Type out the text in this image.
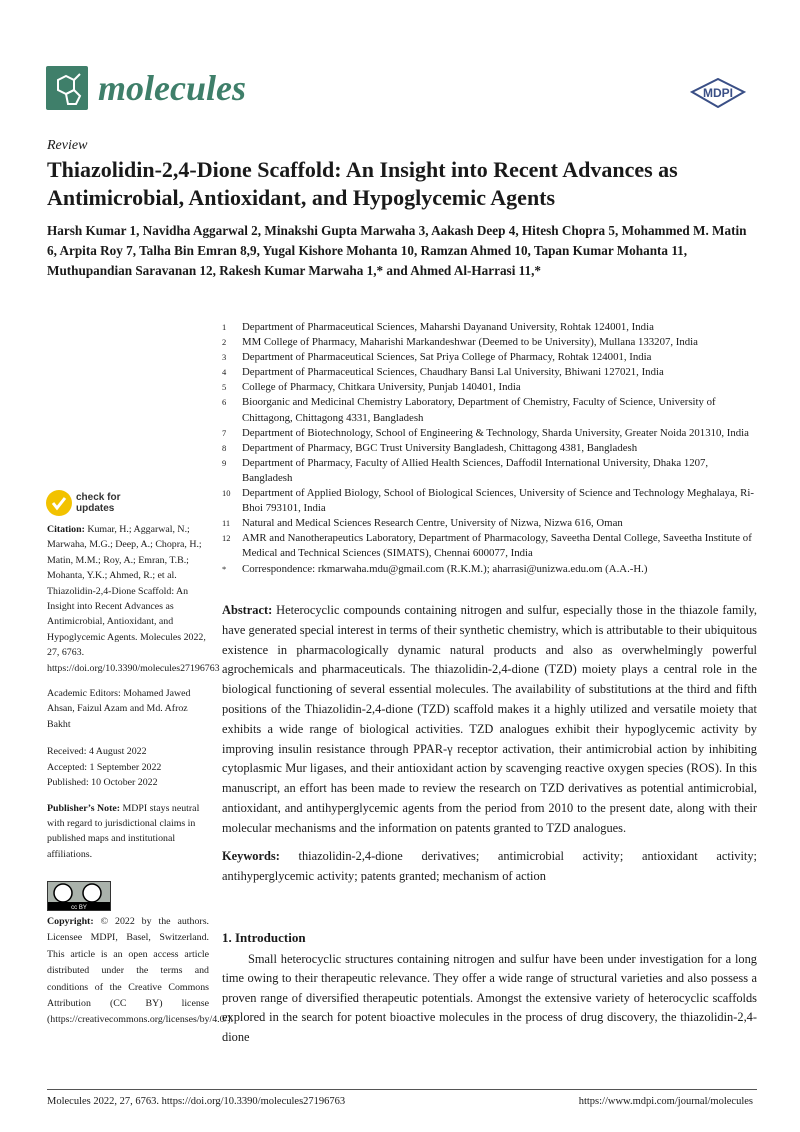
molecules	MDPI
Review
Thiazolidin-2,4-Dione Scaffold: An Insight into Recent Advances as Antimicrobial, Antioxidant, and Hypoglycemic Agents
Harsh Kumar 1, Navidha Aggarwal 2, Minakshi Gupta Marwaha 3, Aakash Deep 4, Hitesh Chopra 5, Mohammed M. Matin 6, Arpita Roy 7, Talha Bin Emran 8,9, Yugal Kishore Mohanta 10, Ramzan Ahmed 10, Tapan Kumar Mohanta 11, Muthupandian Saravanan 12, Rakesh Kumar Marwaha 1,* and Ahmed Al-Harrasi 11,*
1	Department of Pharmaceutical Sciences, Maharshi Dayanand University, Rohtak 124001, India
2	MM College of Pharmacy, Maharishi Markandeshwar (Deemed to be University), Mullana 133207, India
3	Department of Pharmaceutical Sciences, Sat Priya College of Pharmacy, Rohtak 124001, India
4	Department of Pharmaceutical Sciences, Chaudhary Bansi Lal University, Bhiwani 127021, India
5	College of Pharmacy, Chitkara University, Punjab 140401, India
6	Bioorganic and Medicinal Chemistry Laboratory, Department of Chemistry, Faculty of Science, University of Chittagong, Chittagong 4331, Bangladesh
7	Department of Biotechnology, School of Engineering & Technology, Sharda University, Greater Noida 201310, India
8	Department of Pharmacy, BGC Trust University Bangladesh, Chittagong 4381, Bangladesh
9	Department of Pharmacy, Faculty of Allied Health Sciences, Daffodil International University, Dhaka 1207, Bangladesh
10	Department of Applied Biology, School of Biological Sciences, University of Science and Technology Meghalaya, Ri-Bhoi 793101, India
11	Natural and Medical Sciences Research Centre, University of Nizwa, Nizwa 616, Oman
12	AMR and Nanotherapeutics Laboratory, Department of Pharmacology, Saveetha Dental College, Saveetha Institute of Medical and Technical Sciences (SIMATS), Chennai 600077, India
*	Correspondence: rkmarwaha.mdu@gmail.com (R.K.M.); aharrasi@unizwa.edu.om (A.A.-H.)
check for updates

Citation: Kumar, H.; Aggarwal, N.; Marwaha, M.G.; Deep, A.; Chopra, H.; Matin, M.M.; Roy, A.; Emran, T.B.; Mohanta, Y.K.; Ahmed, R.; et al. Thiazolidin-2,4-Dione Scaffold: An Insight into Recent Advances as Antimicrobial, Antioxidant, and Hypoglycemic Agents. Molecules 2022, 27, 6763. https://doi.org/10.3390/molecules27196763

Academic Editors: Mohamed Jawed Ahsan, Faizul Azam and Md. Afroz Bakht

Received: 4 August 2022

Accepted: 1 September 2022

Published: 10 October 2022

Publisher’s Note: MDPI stays neutral with regard to jurisdictional claims in published maps and institutional affiliations.

cc BY
Copyright: © 2022 by the authors. Licensee MDPI, Basel, Switzerland. This article is an open access article distributed under the terms and conditions of the Creative Commons Attribution (CC BY) license (https://creativecommons.org/licenses/by/4.0/).
Abstract: Heterocyclic compounds containing nitrogen and sulfur, especially those in the thiazole family, have generated special interest in terms of their synthetic chemistry, which is attributable to their ubiquitous existence in pharmacologically dynamic natural products and also as overwhelmingly powerful agrochemicals and pharmaceuticals. The thiazolidin-2,4-dione (TZD) moiety plays a central role in the biological functioning of several essential molecules. The availability of substitutions at the third and fifth positions of the Thiazolidin-2,4-dione (TZD) scaffold makes it a highly utilized and versatile moiety that exhibits a wide range of biological activities. TZD analogues exhibit their hypoglycemic activity by improving insulin resistance through PPAR-γ receptor activation, their antimicrobial action by inhibiting cytoplasmic Mur ligases, and their antioxidant action by scavenging reactive oxygen species (ROS). In this manuscript, an effort has been made to review the research on TZD derivatives as potential antimicrobial, antioxidant, and antihyperglycemic agents from the period from 2010 to the present date, along with their molecular mechanisms and the information on patents granted to TZD analogues.
Keywords: thiazolidin-2,4-dione derivatives; antimicrobial activity; antioxidant activity; antihyperglycemic activity; patents granted; mechanism of action
1. Introduction
Small heterocyclic structures containing nitrogen and sulfur have been under investigation for a long time owing to their therapeutic relevance. They offer a wide range of structural varieties and also possess a proven range of diversified therapeutic potentials. Amongst the extensive variety of heterocyclic scaffolds explored in the search for potent bioactive molecules in the process of drug discovery, the thiazolidin-2,4-dione
Molecules 2022, 27, 6763. https://doi.org/10.3390/molecules27196763	https://www.mdpi.com/journal/molecules
